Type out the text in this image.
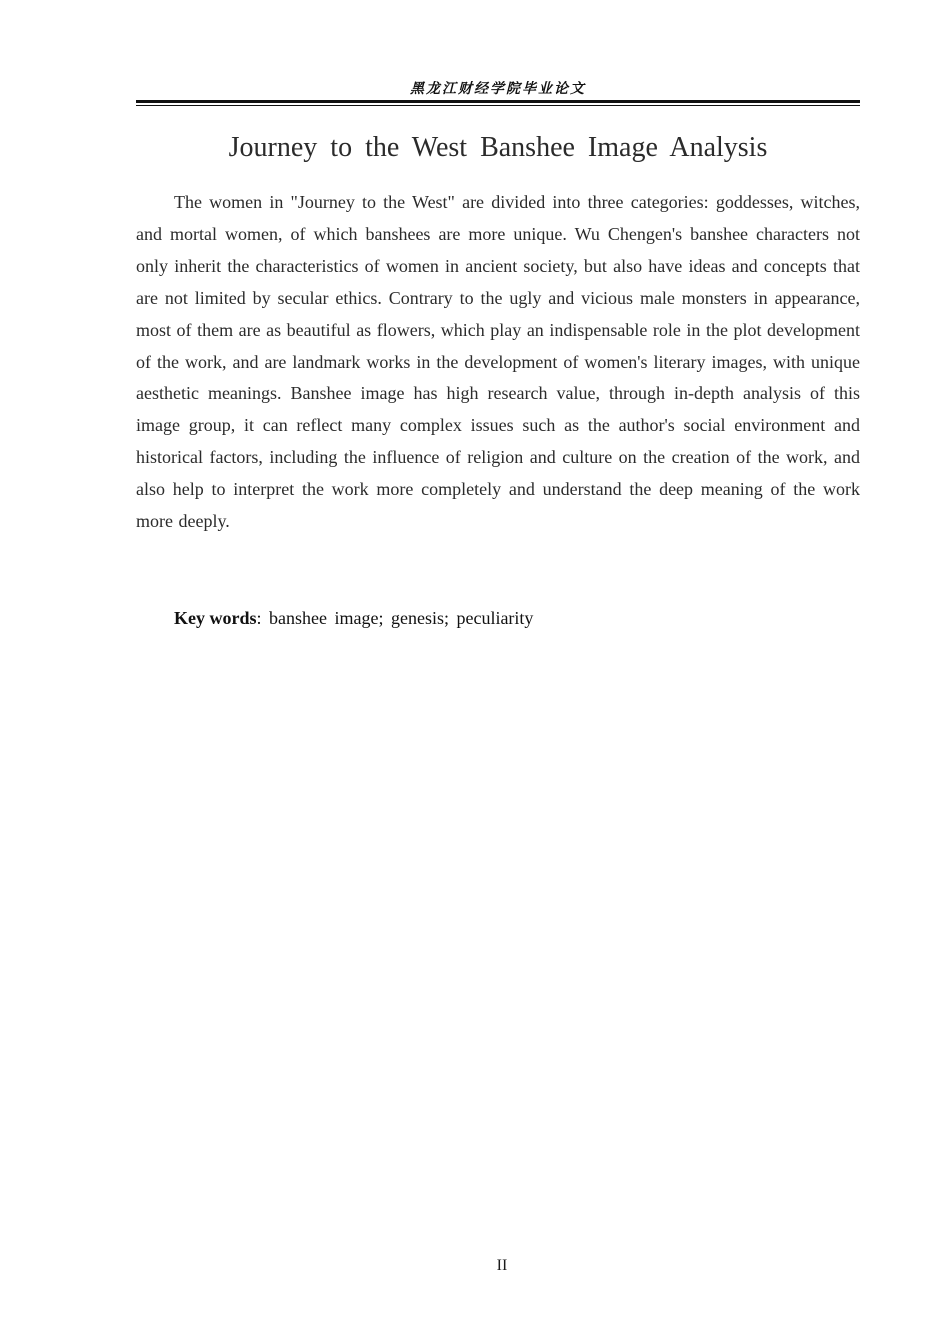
黑龙江财经学院毕业论文
Journey to the West Banshee Image Analysis

The women in "Journey to the West" are divided into three categories: goddesses, witches, and mortal women, of which banshees are more unique. Wu Chengen's banshee characters not only inherit the characteristics of women in ancient society, but also have ideas and concepts that are not limited by secular ethics. Contrary to the ugly and vicious male monsters in appearance, most of them are as beautiful as flowers, which play an indispensable role in the plot development of the work, and are landmark works in the development of women's literary images, with unique aesthetic meanings. Banshee image has high research value, through in-depth analysis of this image group, it can reflect many complex issues such as the author's social environment and historical factors, including the influence of religion and culture on the creation of the work, and also help to interpret the work more completely and understand the deep meaning of the work more deeply.

Key words: banshee image; genesis; peculiarity
II
